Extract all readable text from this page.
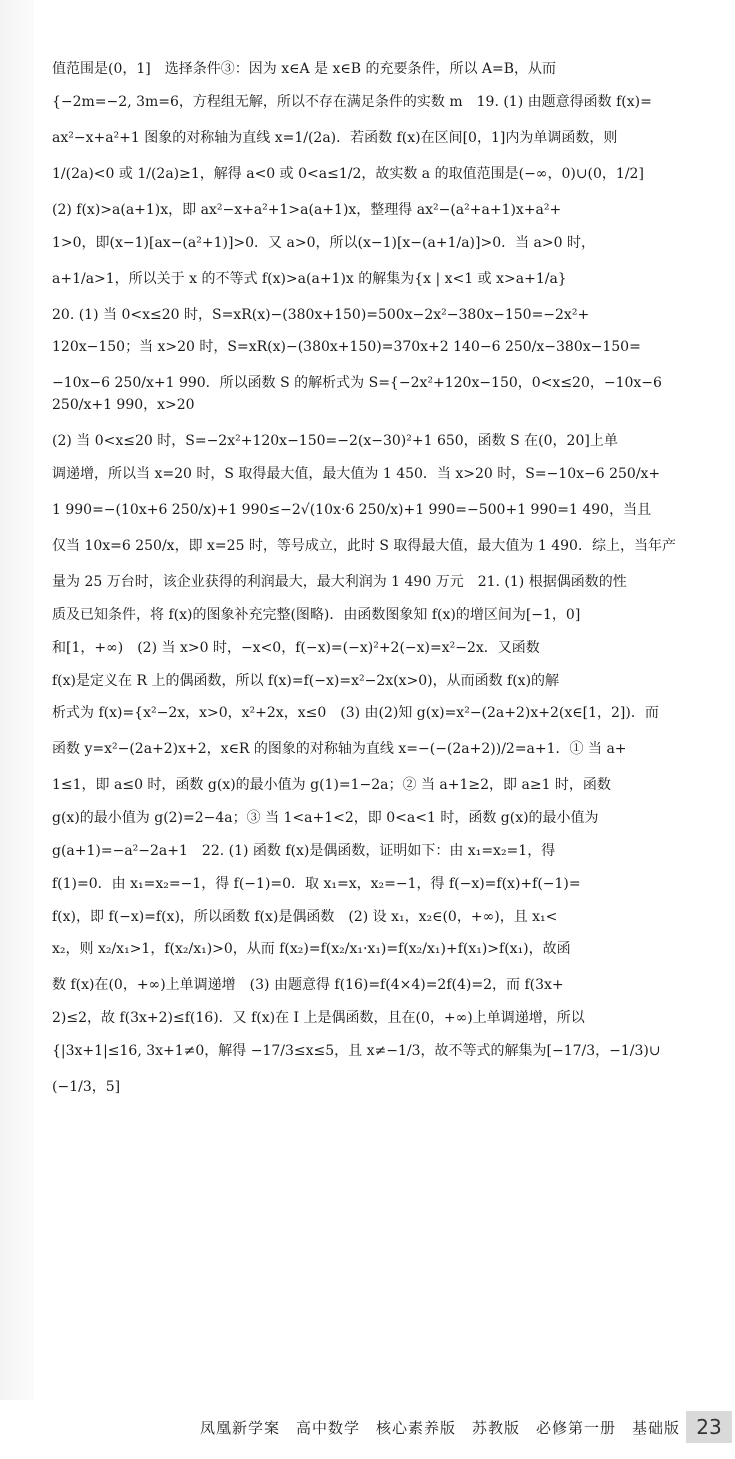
值范围是(0，1]　选择条件③：因为 x∈A 是 x∈B 的充要条件，所以 A=B，从而
{−2m=−2, 3m=6，方程组无解，所以不存在满足条件的实数 m　19. (1) 由题意得函数 f(x)=
ax²−x+a²+1 图象的对称轴为直线 x=1/(2a)．若函数 f(x)在区间[0，1]内为单调函数，则
1/(2a)<0 或 1/(2a)≥1，解得 a<0 或 0<a≤1/2，故实数 a 的取值范围是(−∞，0)∪(0，1/2]
(2) f(x)>a(a+1)x，即 ax²−x+a²+1>a(a+1)x，整理得 ax²−(a²+a+1)x+a²+
1>0，即(x−1)[ax−(a²+1)]>0．又 a>0，所以(x−1)[x−(a+1/a)]>0．当 a>0 时，
a+1/a>1，所以关于 x 的不等式 f(x)>a(a+1)x 的解集为{x | x<1 或 x>a+1/a}
20. (1) 当 0<x≤20 时，S=xR(x)−(380x+150)=500x−2x²−380x−150=−2x²+
120x−150；当 x>20 时，S=xR(x)−(380x+150)=370x+2 140−6 250/x−380x−150=
−10x−6 250/x+1 990．所以函数 S 的解析式为 S={−2x²+120x−150，0<x≤20，−10x−6 250/x+1 990，x>20
(2) 当 0<x≤20 时，S=−2x²+120x−150=−2(x−30)²+1 650，函数 S 在(0，20]上单
调递增，所以当 x=20 时，S 取得最大值，最大值为 1 450．当 x>20 时，S=−10x−6 250/x+
1 990=−(10x+6 250/x)+1 990≤−2√(10x·6 250/x)+1 990=−500+1 990=1 490，当且
仅当 10x=6 250/x，即 x=25 时，等号成立，此时 S 取得最大值，最大值为 1 490．综上，当年产
量为 25 万台时，该企业获得的利润最大，最大利润为 1 490 万元　21. (1) 根据偶函数的性
质及已知条件，将 f(x)的图象补充完整(图略)．由函数图象知 f(x)的增区间为[−1，0]
和[1，+∞)　(2) 当 x>0 时，−x<0，f(−x)=(−x)²+2(−x)=x²−2x．又函数
f(x)是定义在 R 上的偶函数，所以 f(x)=f(−x)=x²−2x(x>0)，从而函数 f(x)的解
析式为 f(x)={x²−2x，x>0，x²+2x，x≤0　(3) 由(2)知 g(x)=x²−(2a+2)x+2(x∈[1，2])．而
函数 y=x²−(2a+2)x+2，x∈R 的图象的对称轴为直线 x=−(−(2a+2))/2=a+1．① 当 a+
1≤1，即 a≤0 时，函数 g(x)的最小值为 g(1)=1−2a；② 当 a+1≥2，即 a≥1 时，函数
g(x)的最小值为 g(2)=2−4a；③ 当 1<a+1<2，即 0<a<1 时，函数 g(x)的最小值为
g(a+1)=−a²−2a+1　22. (1) 函数 f(x)是偶函数，证明如下：由 x₁=x₂=1，得
f(1)=0．由 x₁=x₂=−1，得 f(−1)=0．取 x₁=x，x₂=−1，得 f(−x)=f(x)+f(−1)=
f(x)，即 f(−x)=f(x)，所以函数 f(x)是偶函数　(2) 设 x₁，x₂∈(0，+∞)，且 x₁<
x₂，则 x₂/x₁>1，f(x₂/x₁)>0，从而 f(x₂)=f(x₂/x₁·x₁)=f(x₂/x₁)+f(x₁)>f(x₁)，故函
数 f(x)在(0，+∞)上单调递增　(3) 由题意得 f(16)=f(4×4)=2f(4)=2，而 f(3x+
2)≤2，故 f(3x+2)≤f(16)．又 f(x)在 I 上是偶函数，且在(0，+∞)上单调递增，所以
{|3x+1|≤16, 3x+1≠0，解得 −17/3≤x≤5，且 x≠−1/3，故不等式的解集为[−17/3，−1/3)∪
(−1/3，5]
凤凰新学案　高中数学　核心素养版　苏教版　必修第一册　基础版 23
